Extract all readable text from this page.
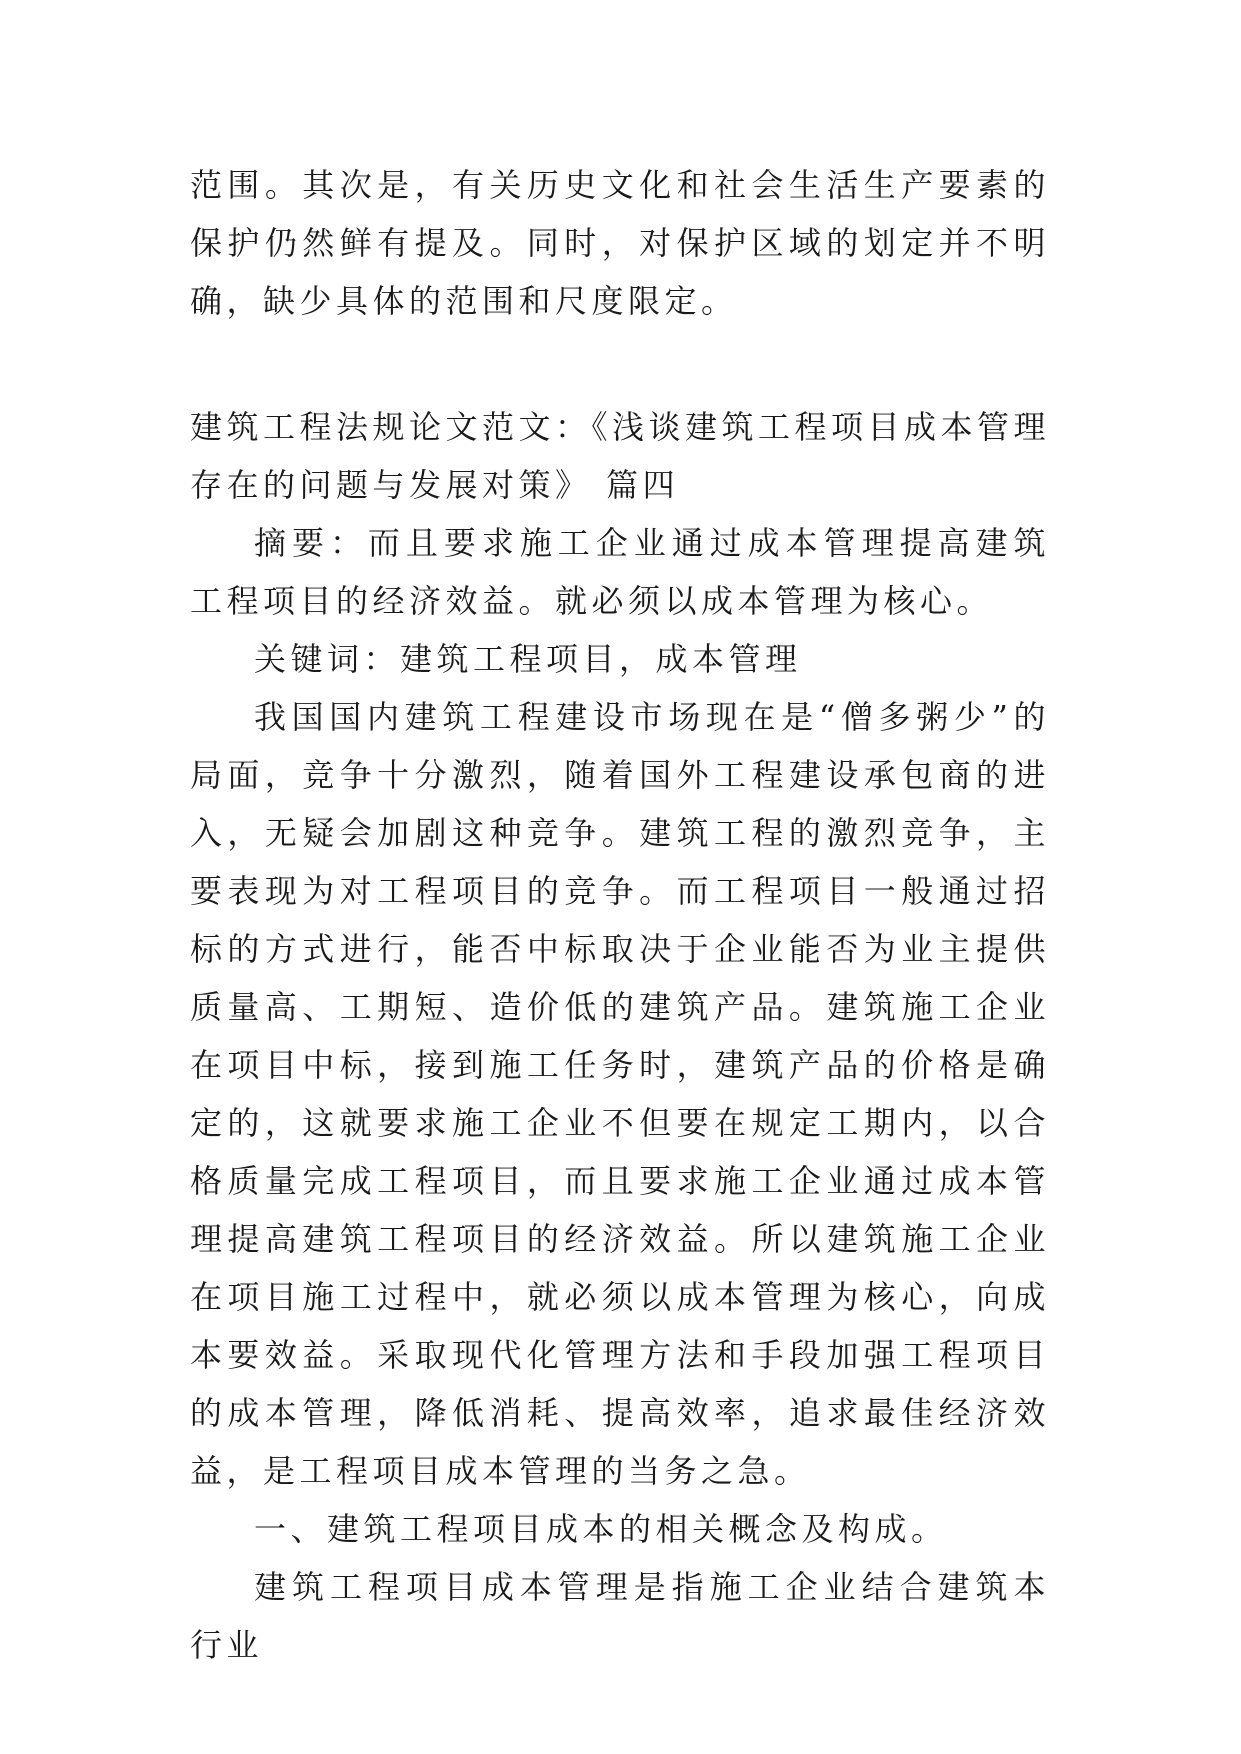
范围。其次是，有关历史文化和社会生活生产要素的保护仍然鲜有提及。同时，对保护区域的划定并不明确，缺少具体的范围和尺度限定。

建筑工程法规论文范文：《浅谈建筑工程项目成本管理存在的问题与发展对策》 篇四

摘要：而且要求施工企业通过成本管理提高建筑工程项目的经济效益。就必须以成本管理为核心。

关键词：建筑工程项目，成本管理

我国国内建筑工程建设市场现在是“僧多粥少”的局面，竞争十分激烈，随着国外工程建设承包商的进入，无疑会加剧这种竞争。建筑工程的激烈竞争，主要表现为对工程项目的竞争。而工程项目一般通过招标的方式进行，能否中标取决于企业能否为业主提供质量高、工期短、造价低的建筑产品。建筑施工企业在项目中标，接到施工任务时，建筑产品的价格是确定的，这就要求施工企业不但要在规定工期内，以合格质量完成工程项目，而且要求施工企业通过成本管理提高建筑工程项目的经济效益。所以建筑施工企业在项目施工过程中，就必须以成本管理为核心，向成本要效益。采取现代化管理方法和手段加强工程项目的成本管理，降低消耗、提高效率，追求最佳经济效益，是工程项目成本管理的当务之急。

一、建筑工程项目成本的相关概念及构成。

建筑工程项目成本管理是指施工企业结合建筑本行业
